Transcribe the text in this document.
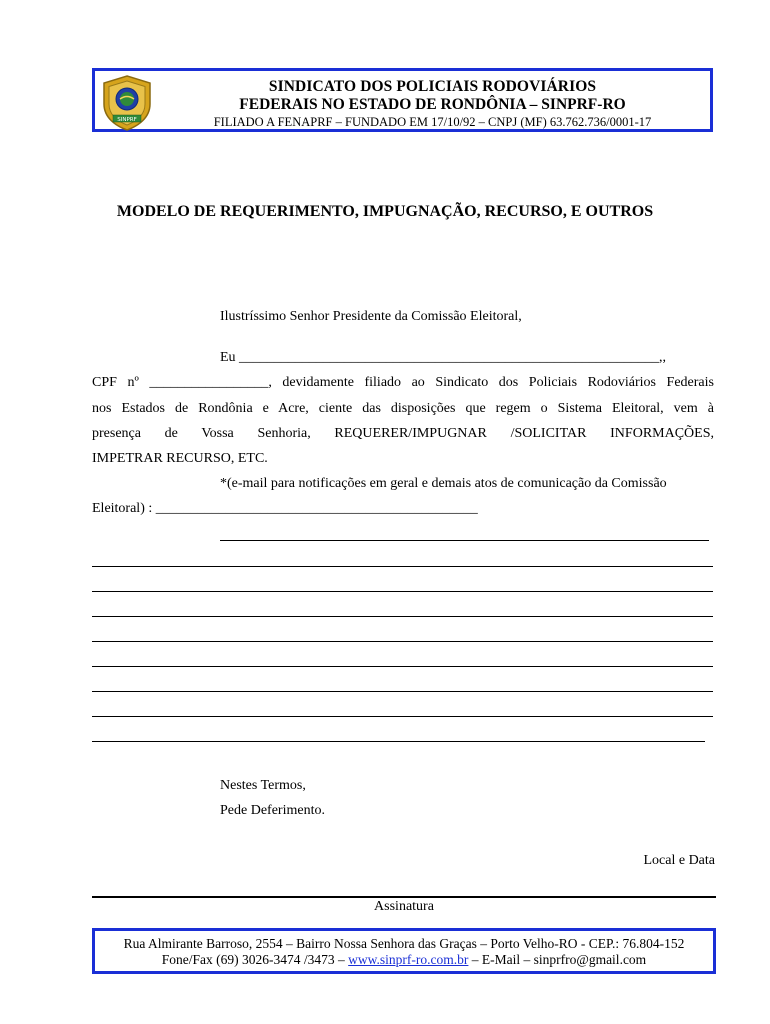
SINPRF
SINDICATO DOS POLICIAIS RODOVIÁRIOS
FEDERAIS NO ESTADO DE RONDÔNIA – SINPRF-RO
FILIADO A FENAPRF – FUNDADO EM 17/10/92 – CNPJ (MF) 63.762.736/0001-17
MODELO DE REQUERIMENTO, IMPUGNAÇÃO, RECURSO, E OUTROS
Ilustríssimo Senhor Presidente da Comissão Eleitoral,
Eu ____________________________________________________________,,
CPF nº _________________, devidamente filiado ao Sindicato dos Policiais Rodoviários Federais
nos Estados de Rondônia e Acre, ciente das disposições que regem o Sistema Eleitoral, vem à
presença de Vossa Senhoria, REQUERER/IMPUGNAR /SOLICITAR INFORMAÇÕES,
IMPETRAR RECURSO, ETC.
*(e-mail para notificações em geral e demais atos de comunicação da Comissão
Eleitoral) : ______________________________________________
Nestes Termos,
Pede Deferimento.
Local e Data
Assinatura
Rua Almirante Barroso, 2554 – Bairro Nossa Senhora das Graças – Porto Velho-RO - CEP.: 76.804-152
Fone/Fax (69) 3026-3474 /3473 – www.sinprf-ro.com.br – E-Mail – sinprfro@gmail.com
